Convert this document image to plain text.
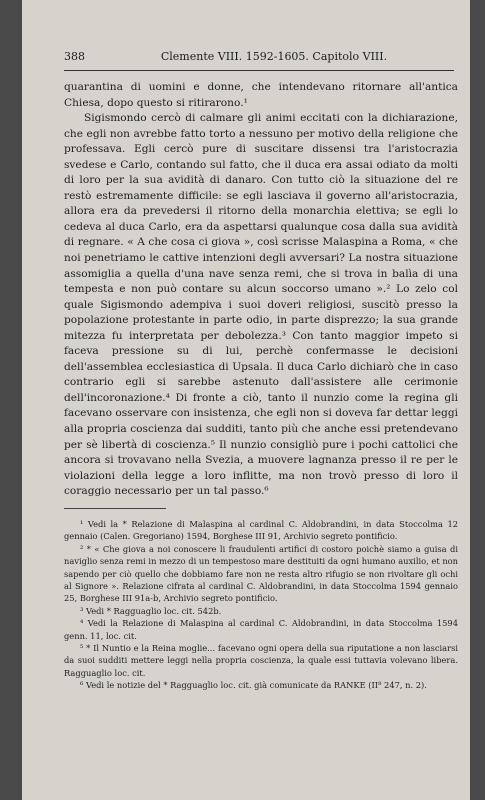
388	Clemente VIII. 1592-1605. Capitolo VIII.

quarantina di uomini e donne, che intendevano ritornare all'antica Chiesa, dopo questo si ritirarono.¹

Sigismondo cercò di calmare gli animi eccitati con la dichiarazione, che egli non avrebbe fatto torto a nessuno per motivo della religione che professava. Egli cercò pure di suscitare dissensi tra l'aristocrazia svedese e Carlo, contando sul fatto, che il duca era assai odiato da molti di loro per la sua avidità di danaro. Con tutto ciò la situazione del re restò estremamente difficile: se egli lasciava il governo all'aristocrazia, allora era da prevedersi il ritorno della monarchia elettiva; se egli lo cedeva al duca Carlo, era da aspettarsi qualunque cosa dalla sua avidità di regnare. « A che cosa ci giova », così scrisse Malaspina a Roma, « che noi penetriamo le cattive intenzioni degli avversari? La nostra situazione assomiglia a quella d'una nave senza remi, che si trova in balìa di una tempesta e non può contare su alcun soccorso umano ».² Lo zelo col quale Sigismondo adempiva i suoi doveri religiosi, suscitò presso la popolazione protestante in parte odio, in parte disprezzo; la sua grande mitezza fu interpretata per debolezza.³ Con tanto maggior impeto si faceva pressione su di lui, perchè confermasse le decisioni dell'assemblea ecclesiastica di Upsala. Il duca Carlo dichiarò che in caso contrario egli si sarebbe astenuto dall'assistere alle cerimonie dell'incoronazione.⁴ Di fronte a ciò, tanto il nunzio come la regina gli facevano osservare con insistenza, che egli non si doveva far dettar leggi alla propria coscienza dai sudditi, tanto più che anche essi pretendevano per sè libertà di coscienza.⁵ Il nunzio consigliò pure i pochi cattolici che ancora si trovavano nella Svezia, a muovere lagnanza presso il re per le violazioni della legge a loro inflitte, ma non trovò presso di loro il coraggio necessario per un tal passo.⁶

¹ Vedi la * Relazione di Malaspina al cardinal C. Aldobrandini, in data Stoccolma 12 gennaio (Calen. Gregoriano) 1594, Borghese III 91, Archivio segreto pontificio.

² * « Che giova a noi conoscere li fraudulenti artifici di costoro poichè siamo a guisa di naviglio senza remi in mezzo di un tempestoso mare destituiti da ogni humano auxilio, et non sapendo per ciò quello che dobbiamo fare non ne resta altro rifugio se non rivoltare gli ochi al Signore ». Relazione cifrata al cardinal C. Aldobrandini, in data Stoccolma 1594 gennaio 25, Borghese III 91a-b, Archivio segreto pontificio.

³ Vedi * Ragguaglio loc. cit. 542b.

⁴ Vedi la Relazione di Malaspina al cardinal C. Aldobrandini, in data Stoccolma 1594 genn. 11, loc. cit.

⁵ * Il Nuntio e la Reina moglie... facevano ogni opera della sua riputatione a non lasciarsi da suoi sudditi mettere leggi nella propria coscienza, la quale essi tuttavia volevano libera. Ragguaglio loc. cit.

⁶ Vedi le notizie del * Ragguaglio loc. cit. già comunicate da RANKE (II⁸ 247, n. 2).
